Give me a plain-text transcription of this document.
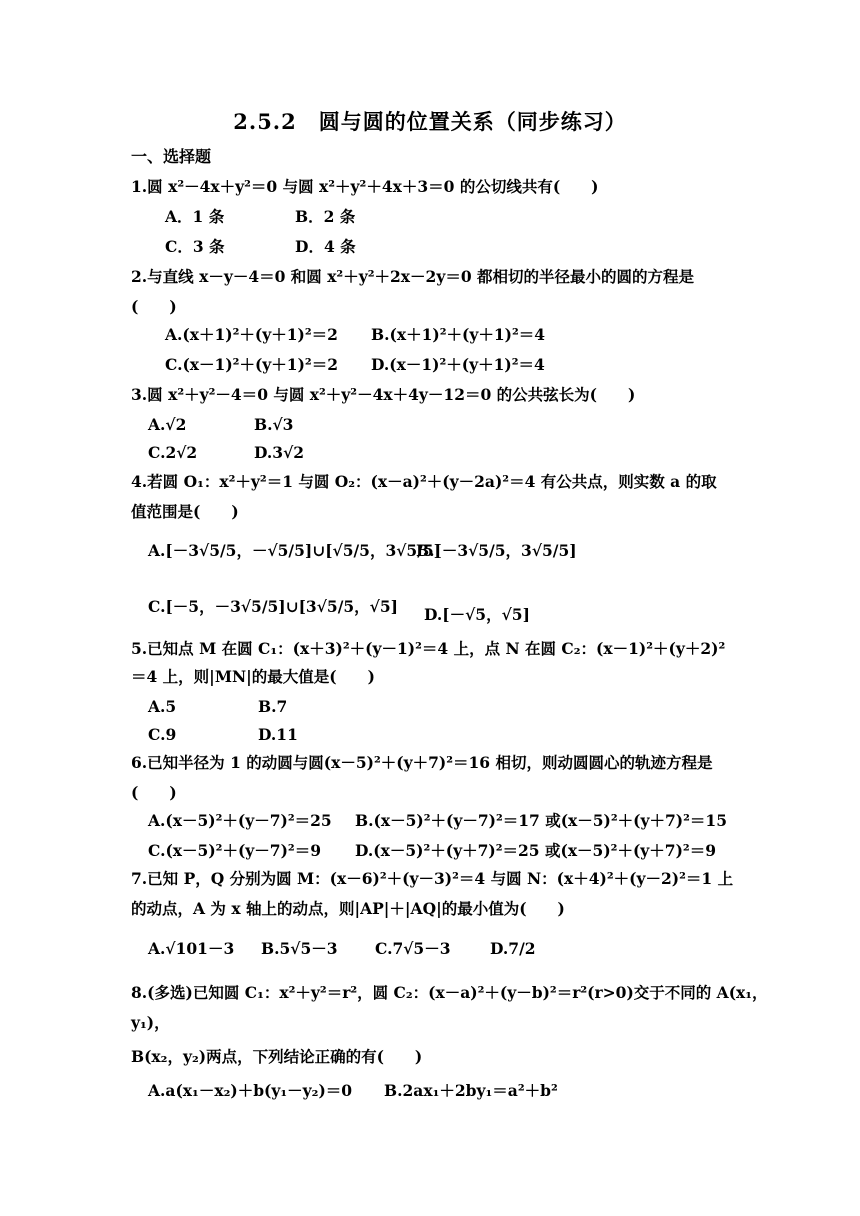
2.5.2　圆与圆的位置关系（同步练习）
一、选择题
1.圆 x²－4x＋y²＝0 与圆 x²＋y²＋4x＋3＝0 的公切线共有(　　)
A．1 条	B．2 条
C．3 条	D．4 条
2.与直线 x－y－4＝0 和圆 x²＋y²＋2x－2y＝0 都相切的半径最小的圆的方程是
(　　)
A.(x＋1)²＋(y＋1)²＝2 B.(x＋1)²＋(y＋1)²＝4
C.(x－1)²＋(y＋1)²＝2 D.(x－1)²＋(y＋1)²＝4
3.圆 x²＋y²－4＝0 与圆 x²＋y²－4x＋4y－12＝0 的公共弦长为(　　)
A.√2	B.√3
C.2√2	D.3√2
4.若圆 O₁：x²＋y²＝1 与圆 O₂：(x－a)²＋(y－2a)²＝4 有公共点，则实数 a 的取
值范围是(　　)
A.[－3√5/5，－√5/5]∪[√5/5，3√5/5]
B.[－3√5/5，3√5/5]
C.[－5，－3√5/5]∪[3√5/5，√5] D.[－√5，√5]
5.已知点 M 在圆 C₁：(x＋3)²＋(y－1)²＝4 上，点 N 在圆 C₂：(x－1)²＋(y＋2)²
＝4 上，则|MN|的最大值是(　　)
A.5	B.7
C.9	D.11
6.已知半径为 1 的动圆与圆(x－5)²＋(y＋7)²＝16 相切，则动圆圆心的轨迹方程是
(　　)
A.(x－5)²＋(y－7)²＝25 B.(x－5)²＋(y－7)²＝17 或(x－5)²＋(y＋7)²＝15
C.(x－5)²＋(y－7)²＝9 D.(x－5)²＋(y＋7)²＝25 或(x－5)²＋(y＋7)²＝9
7.已知 P，Q 分别为圆 M：(x－6)²＋(y－3)²＝4 与圆 N：(x＋4)²＋(y－2)²＝1 上
的动点，A 为 x 轴上的动点，则|AP|＋|AQ|的最小值为(　　)
A.√101－3 B.5√5－3 C.7√5－3	D.7/2
8.(多选)已知圆 C₁：x²＋y²＝r²，圆 C₂：(x－a)²＋(y－b)²＝r²(r>0)交于不同的 A(x₁，
y₁)，
B(x₂，y₂)两点，下列结论正确的有(　　)
A.a(x₁－x₂)＋b(y₁－y₂)＝0 B.2ax₁＋2by₁＝a²＋b²
